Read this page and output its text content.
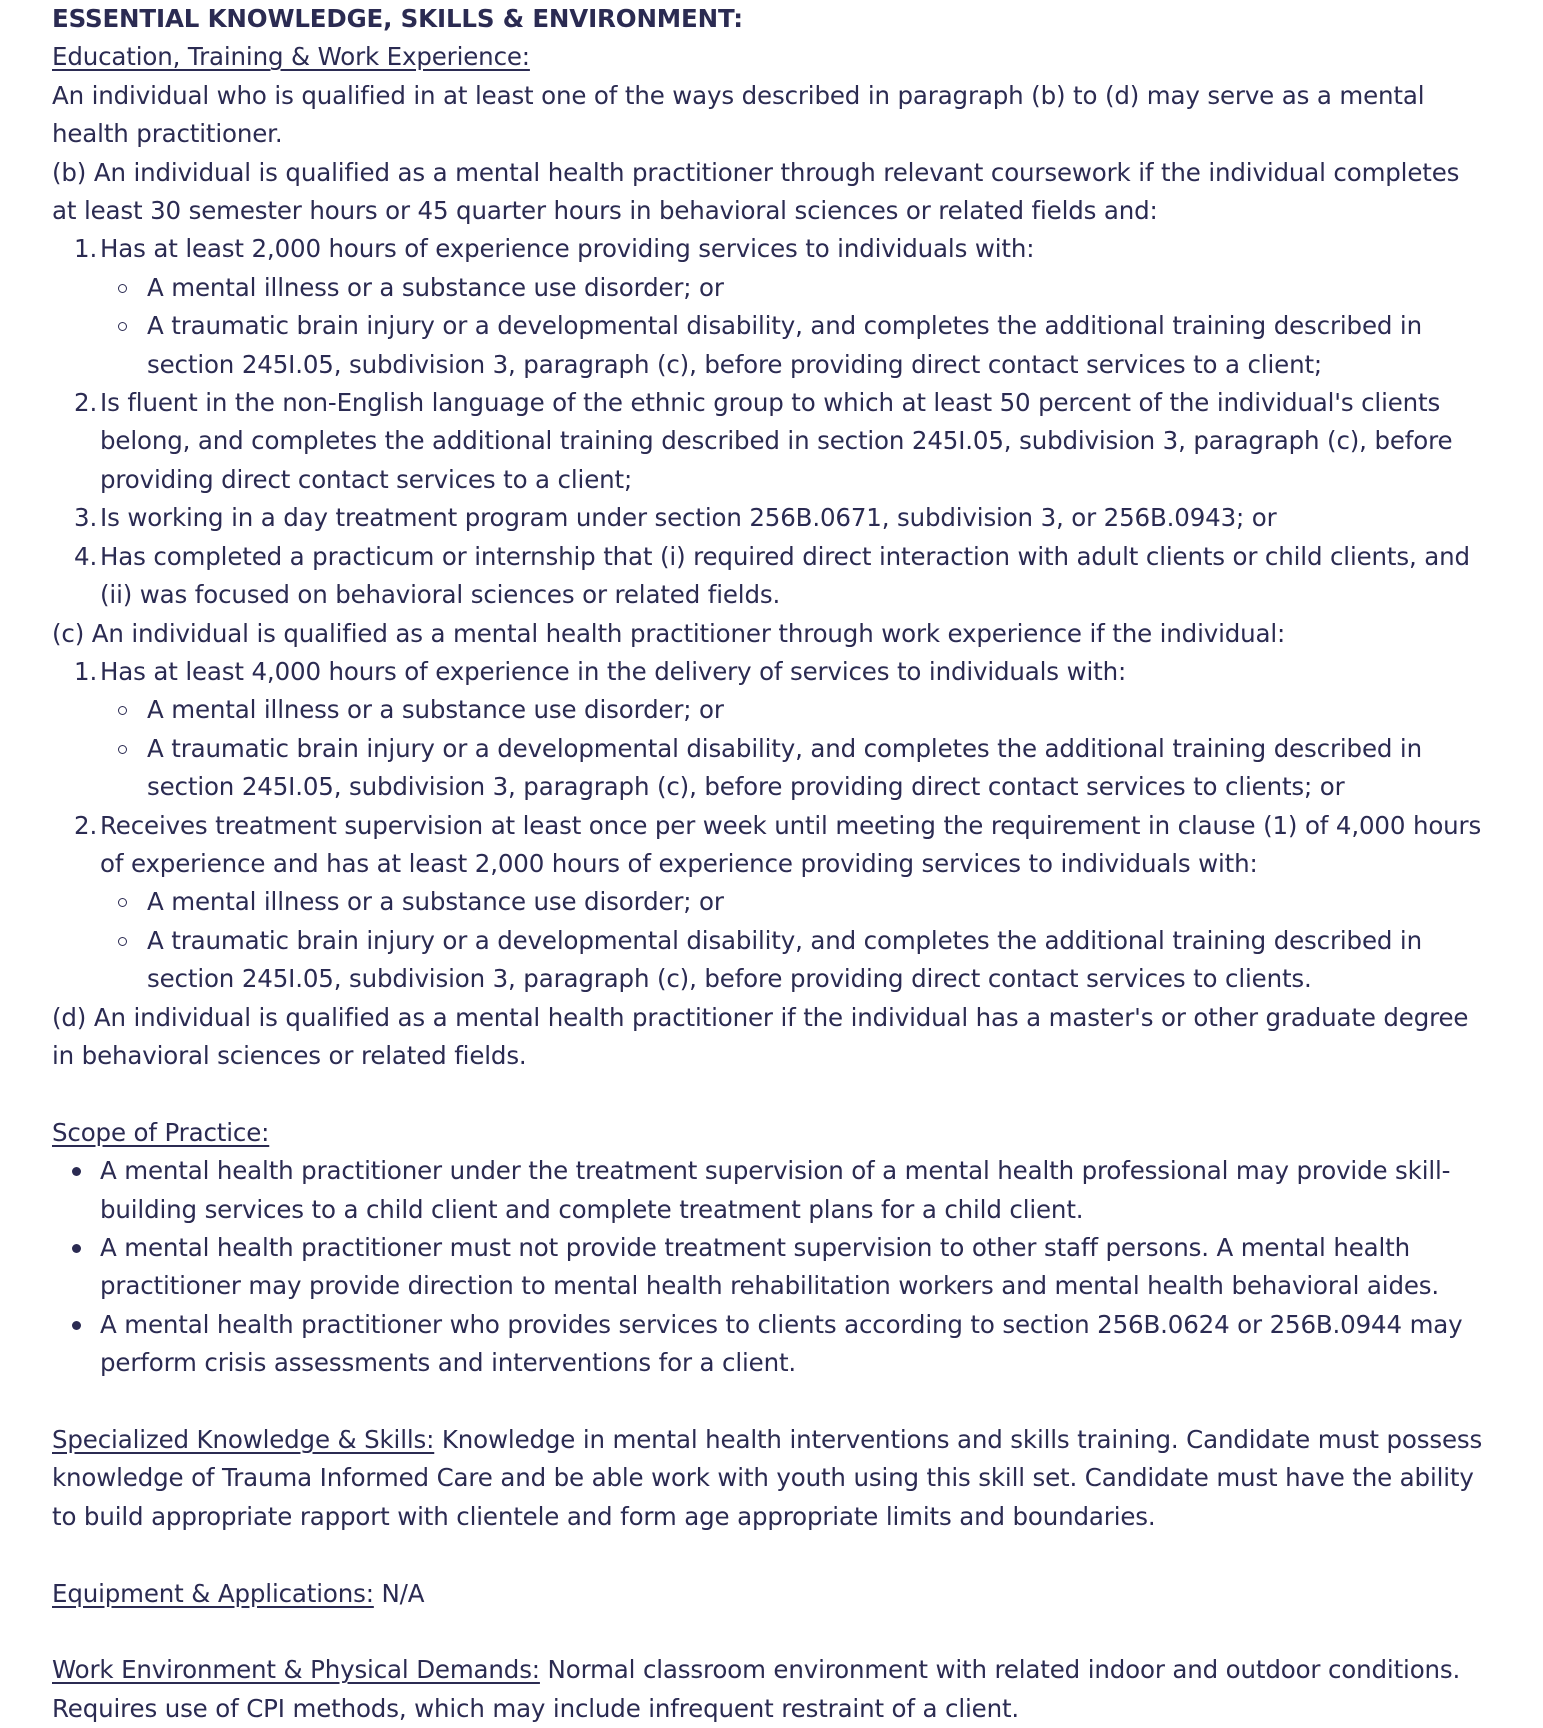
ESSENTIAL KNOWLEDGE, SKILLS & ENVIRONMENT:

Education, Training & Work Experience:

An individual who is qualified in at least one of the ways described in paragraph (b) to (d) may serve as a mental health practitioner.

(b) An individual is qualified as a mental health practitioner through relevant coursework if the individual completes at least 30 semester hours or 45 quarter hours in behavioral sciences or related fields and:

1. Has at least 2,000 hours of experience providing services to individuals with:
A mental illness or a substance use disorder; or
A traumatic brain injury or a developmental disability, and completes the additional training described in section 245I.05, subdivision 3, paragraph (c), before providing direct contact services to a client;
2. Is fluent in the non-English language of the ethnic group to which at least 50 percent of the individual's clients belong, and completes the additional training described in section 245I.05, subdivision 3, paragraph (c), before providing direct contact services to a client;
3. Is working in a day treatment program under section 256B.0671, subdivision 3, or 256B.0943; or
4. Has completed a practicum or internship that (i) required direct interaction with adult clients or child clients, and (ii) was focused on behavioral sciences or related fields.

(c) An individual is qualified as a mental health practitioner through work experience if the individual:

1. Has at least 4,000 hours of experience in the delivery of services to individuals with:
A mental illness or a substance use disorder; or
A traumatic brain injury or a developmental disability, and completes the additional training described in section 245I.05, subdivision 3, paragraph (c), before providing direct contact services to clients; or
2. Receives treatment supervision at least once per week until meeting the requirement in clause (1) of 4,000 hours of experience and has at least 2,000 hours of experience providing services to individuals with:
A mental illness or a substance use disorder; or
A traumatic brain injury or a developmental disability, and completes the additional training described in section 245I.05, subdivision 3, paragraph (c), before providing direct contact services to clients.

(d) An individual is qualified as a mental health practitioner if the individual has a master's or other graduate degree in behavioral sciences or related fields.

Scope of Practice:

A mental health practitioner under the treatment supervision of a mental health professional may provide skill-building services to a child client and complete treatment plans for a child client.
A mental health practitioner must not provide treatment supervision to other staff persons. A mental health practitioner may provide direction to mental health rehabilitation workers and mental health behavioral aides.
A mental health practitioner who provides services to clients according to section 256B.0624 or 256B.0944 may perform crisis assessments and interventions for a client.

Specialized Knowledge & Skills: Knowledge in mental health interventions and skills training. Candidate must possess knowledge of Trauma Informed Care and be able work with youth using this skill set. Candidate must have the ability to build appropriate rapport with clientele and form age appropriate limits and boundaries.

Equipment & Applications: N/A

Work Environment & Physical Demands: Normal classroom environment with related indoor and outdoor conditions. Requires use of CPI methods, which may include infrequent restraint of a client.
